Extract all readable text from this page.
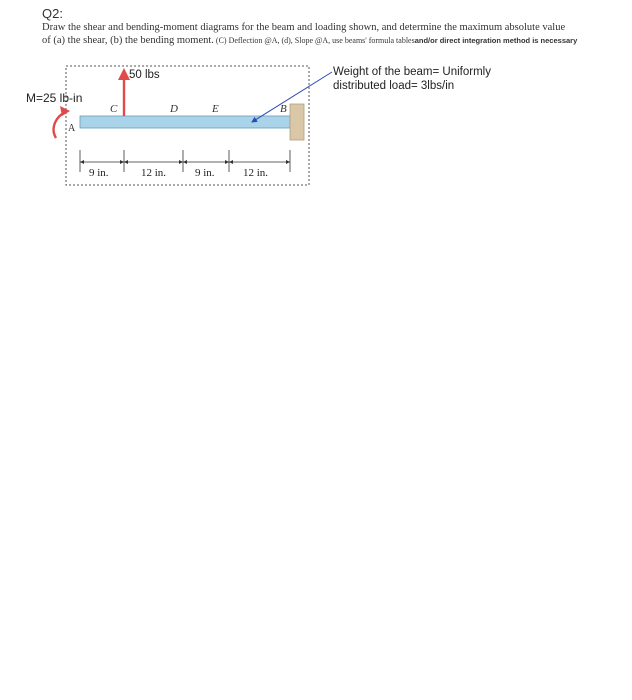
Q2:
Draw the shear and bending-moment diagrams for the beam and loading shown, and determine the maximum absolute value
of (a) the shear, (b) the bending moment. (C) Deflection @A, (d), Slope @A, use beams' formula tablesand/or direct integration method is necessary
Weight of the beam= Uniformly
distributed load= 3lbs/in
M=25 lb-in
50 lbs
A
C	D	E	B
9 in.	12 in.	9 in.	12 in.
